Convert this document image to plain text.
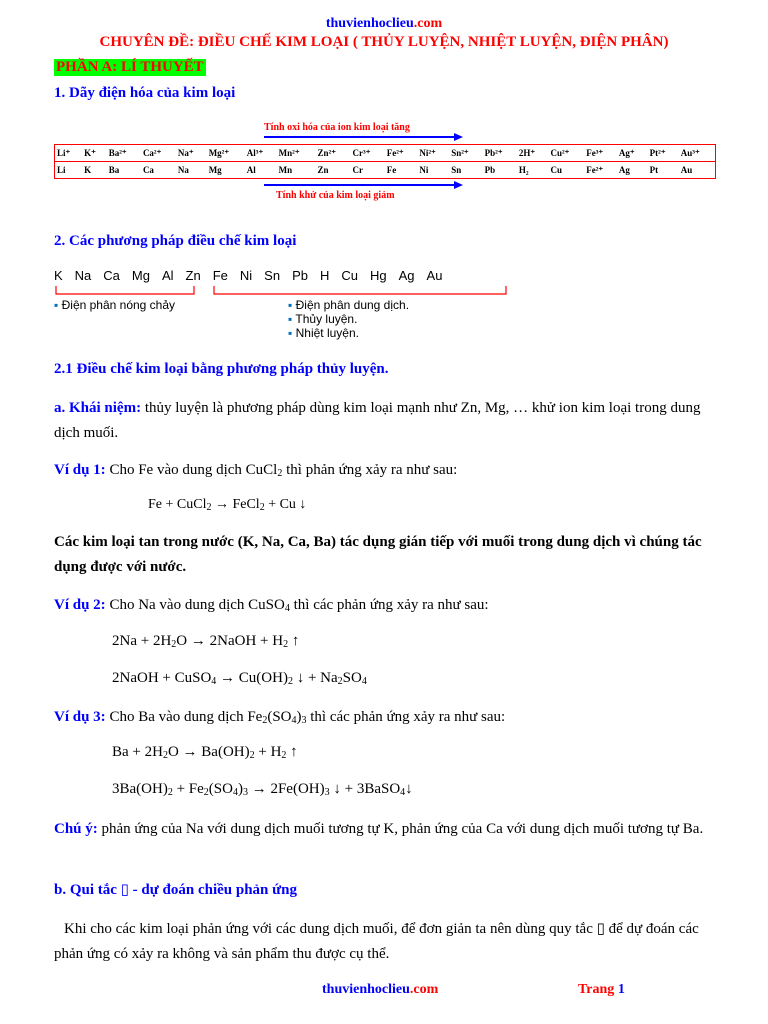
thuvienhoclieu.com
CHUYÊN ĐỀ: ĐIỀU CHẾ KIM LOẠI ( THỦY LUYỆN, NHIỆT LUYỆN, ĐIỆN PHÂN)
PHẦN A: LÍ THUYẾT
1. Dãy điện hóa của kim loại
Tính oxi hóa của ion kim loại tăng
Li⁺	K⁺	Ba²⁺	Ca²⁺	Na⁺	Mg²⁺	Al³⁺	Mn²⁺	Zn²⁺	Cr³⁺	Fe²⁺	Ni²⁺	Sn²⁺	Pb²⁺	2H⁺	Cu²⁺	Fe³⁺	Ag⁺	Pt²⁺	Au³⁺
Li	K	Ba	Ca	Na	Mg	Al	Mn	Zn	Cr	Fe	Ni	Sn	Pb	H₂	Cu	Fe²⁺	Ag	Pt	Au
Tính khử của kim loại giảm
2. Các phương pháp điều chế kim loại
K Na Ca Mg Al Zn Fe Ni Sn Pb H Cu Hg Ag Au
▪ Điện phân nóng chảy	▪ Điện phân dung dịch.
▪ Thủy luyện.
▪ Nhiệt luyện.
2.1 Điều chế kim loại bằng phương pháp thủy luyện.
a. Khái niệm: thủy luyện là phương pháp dùng kim loại mạnh như Zn, Mg, … khử ion kim loại trong dung dịch muối.
Ví dụ 1: Cho Fe vào dung dịch CuCl$_2$ thì phản ứng xảy ra như sau:
Fe + CuCl$_2$ → FeCl$_2$ + Cu ↓
Các kim loại tan trong nước (K, Na, Ca, Ba) tác dụng gián tiếp với muối trong dung dịch vì chúng tác dụng được với nước.
Ví dụ 2: Cho Na vào dung dịch CuSO$_4$ thì các phản ứng xảy ra như sau:
$2Na + 2H_2O$ → 2NaOH + $H_2$ ↑
2NaOH + CuSO$_4$ → $Cu(OH)_2$ ↓ + $Na_2SO_4$
Ví dụ 3: Cho Ba vào dung dịch $Fe_2(SO_4)_3$ thì các phản ứng xảy ra như sau:
$Ba + 2H_2O \to Ba(OH)_2 + H_2$ ↑
$3Ba(OH)_2 + Fe_2(SO_4)_3 \to 2Fe(OH)_3$ ↓ + 3BaSO$_4$↓
Chú ý: phản ứng của Na với dung dịch muối tương tự K, phản ứng của Ca với dung dịch muối tương tự Ba.
b. Qui tắc ▯ - dự đoán chiều phản ứng
Khi cho các kim loại phản ứng với các dung dịch muối, để đơn giản ta nên dùng quy tắc ▯ để dự đoán các phản ứng có xảy ra không và sản phẩm thu được cụ thể.
thuvienhoclieu.com	Trang 1
